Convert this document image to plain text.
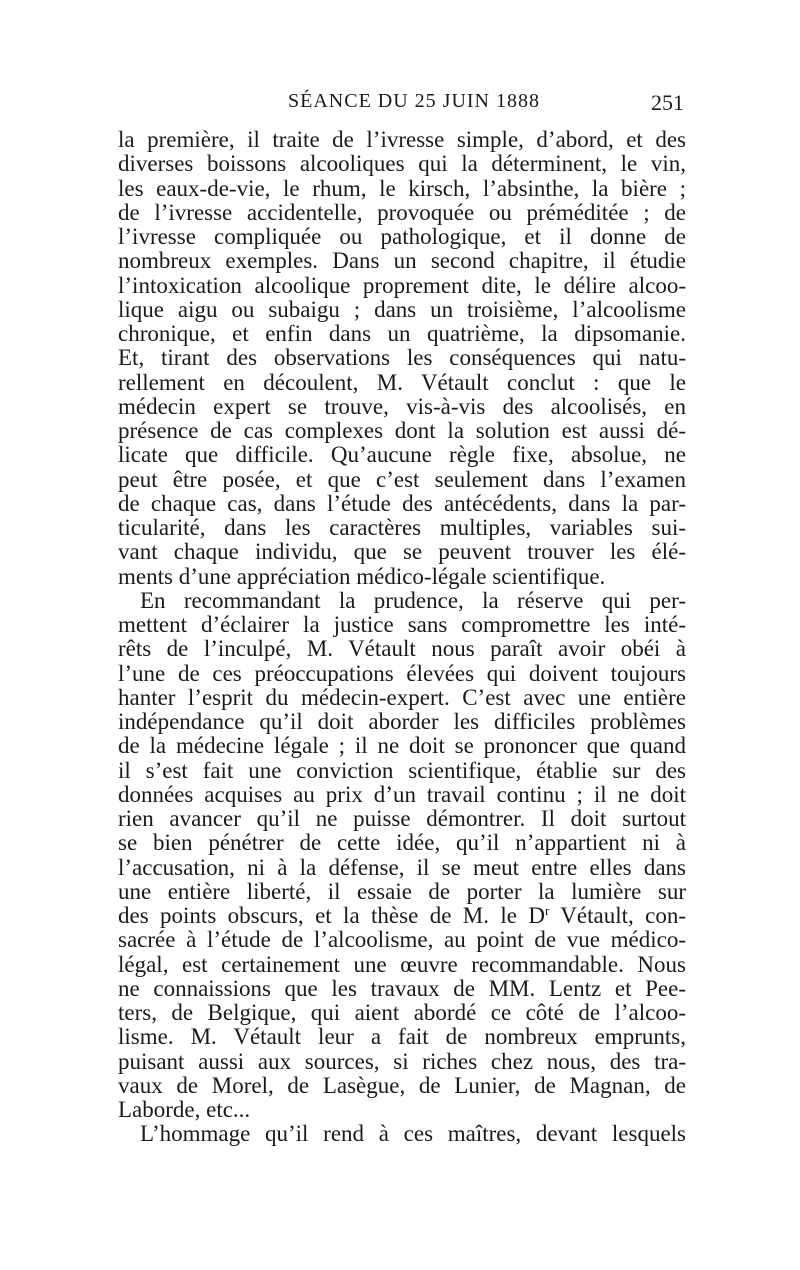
SÉANCE DU 25 JUIN 1888	251
la première, il traite de l’ivresse simple, d’abord, et des
diverses boissons alcooliques qui la déterminent, le vin,
les eaux-de-vie, le rhum, le kirsch, l’absinthe, la bière ;
de l’ivresse accidentelle, provoquée ou préméditée ; de
l’ivresse compliquée ou pathologique, et il donne de
nombreux exemples. Dans un second chapitre, il étudie
l’intoxication alcoolique proprement dite, le délire alcoo-
lique aigu ou subaigu ; dans un troisième, l’alcoolisme
chronique, et enfin dans un quatrième, la dipsomanie.
Et, tirant des observations les conséquences qui natu-
rellement en découlent, M. Vétault conclut : que le
médecin expert se trouve, vis-à-vis des alcoolisés, en
présence de cas complexes dont la solution est aussi dé-
licate que difficile. Qu’aucune règle fixe, absolue, ne
peut être posée, et que c’est seulement dans l’examen
de chaque cas, dans l’étude des antécédents, dans la par-
ticularité, dans les caractères multiples, variables sui-
vant chaque individu, que se peuvent trouver les élé-
ments d’une appréciation médico-légale scientifique.
En recommandant la prudence, la réserve qui per-
mettent d’éclairer la justice sans compromettre les inté-
rêts de l’inculpé, M. Vétault nous paraît avoir obéi à
l’une de ces préoccupations élevées qui doivent toujours
hanter l’esprit du médecin-expert. C’est avec une entière
indépendance qu’il doit aborder les difficiles problèmes
de la médecine légale ; il ne doit se prononcer que quand
il s’est fait une conviction scientifique, établie sur des
données acquises au prix d’un travail continu ; il ne doit
rien avancer qu’il ne puisse démontrer. Il doit surtout
se bien pénétrer de cette idée, qu’il n’appartient ni à
l’accusation, ni à la défense, il se meut entre elles dans
une entière liberté, il essaie de porter la lumière sur
des points obscurs, et la thèse de M. le $D^r$ Vétault, con-
sacrée à l’étude de l’alcoolisme, au point de vue médico-
légal, est certainement une œuvre recommandable. Nous
ne connaissions que les travaux de MM. Lentz et Pee-
ters, de Belgique, qui aient abordé ce côté de l’alcoo-
lisme. M. Vétault leur a fait de nombreux emprunts,
puisant aussi aux sources, si riches chez nous, des tra-
vaux de Morel, de Lasègue, de Lunier, de Magnan, de
Laborde, etc...
L’hommage qu’il rend à ces maîtres, devant lesquels
